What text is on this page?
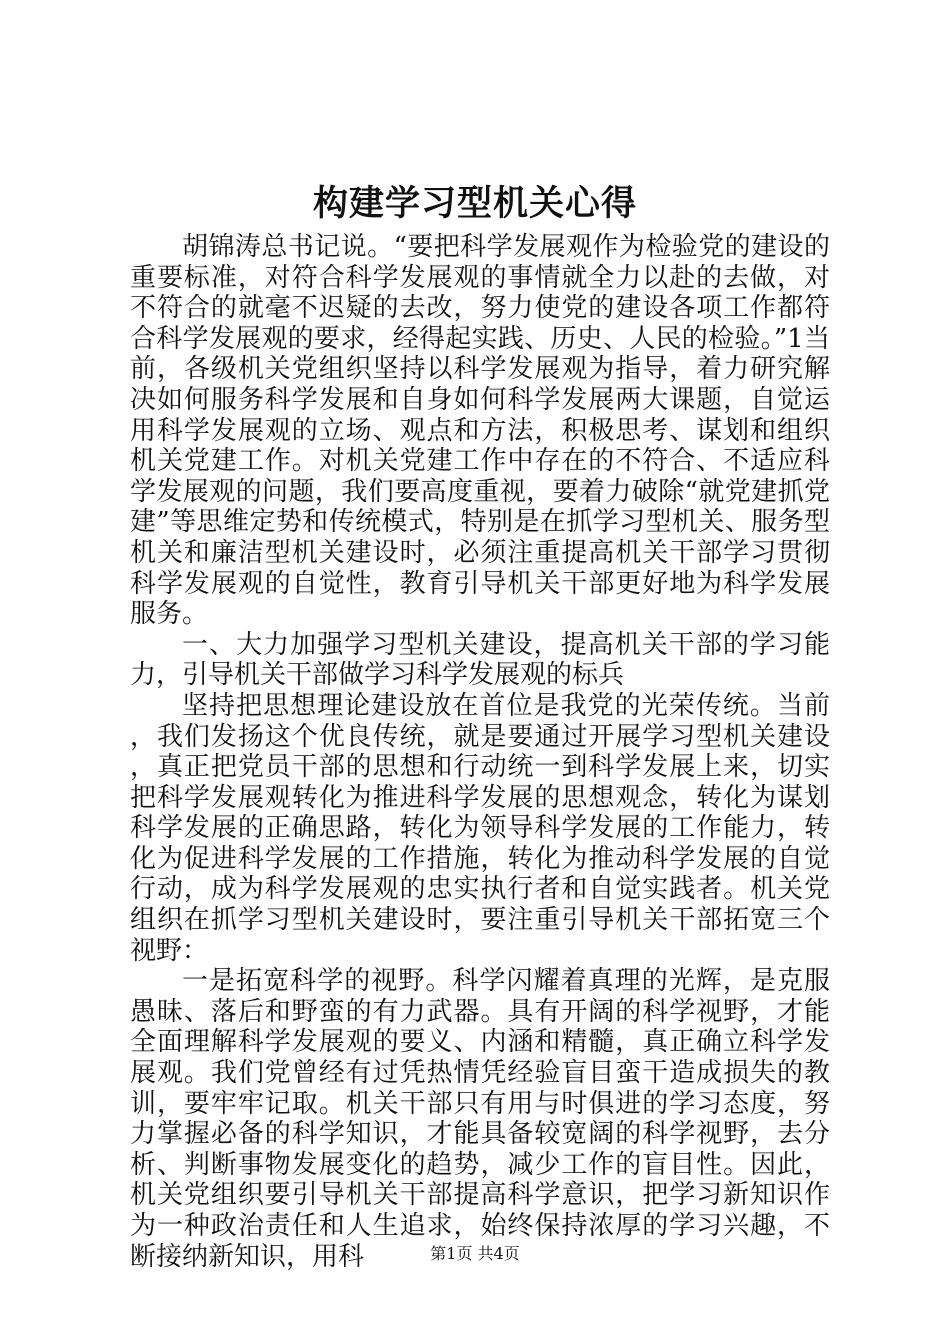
构建学习型机关心得

胡锦涛总书记说。“要把科学发展观作为检验党的建设的重要标准，对符合科学发展观的事情就全力以赴的去做，对不符合的就毫不迟疑的去改，努力使党的建设各项工作都符合科学发展观的要求，经得起实践、历史、人民的检验。”1当前，各级机关党组织坚持以科学发展观为指导，着力研究解决如何服务科学发展和自身如何科学发展两大课题，自觉运用科学发展观的立场、观点和方法，积极思考、谋划和组织机关党建工作。对机关党建工作中存在的不符合、不适应科学发展观的问题，我们要高度重视，要着力破除“就党建抓党建”等思维定势和传统模式，特别是在抓学习型机关、服务型机关和廉洁型机关建设时，必须注重提高机关干部学习贯彻科学发展观的自觉性，教育引导机关干部更好地为科学发展服务。

一、大力加强学习型机关建设，提高机关干部的学习能力，引导机关干部做学习科学发展观的标兵

坚持把思想理论建设放在首位是我党的光荣传统。当前，我们发扬这个优良传统，就是要通过开展学习型机关建设，真正把党员干部的思想和行动统一到科学发展上来，切实把科学发展观转化为推进科学发展的思想观念，转化为谋划科学发展的正确思路，转化为领导科学发展的工作能力，转化为促进科学发展的工作措施，转化为推动科学发展的自觉行动，成为科学发展观的忠实执行者和自觉实践者。机关党组织在抓学习型机关建设时，要注重引导机关干部拓宽三个视野：

一是拓宽科学的视野。科学闪耀着真理的光辉，是克服愚昧、落后和野蛮的有力武器。具有开阔的科学视野，才能全面理解科学发展观的要义、内涵和精髓，真正确立科学发展观。我们党曾经有过凭热情凭经验盲目蛮干造成损失的教训，要牢牢记取。机关干部只有用与时俱进的学习态度，努力掌握必备的科学知识，才能具备较宽阔的科学视野，去分析、判断事物发展变化的趋势，减少工作的盲目性。因此，机关党组织要引导机关干部提高科学意识，把学习新知识作为一种政治责任和人生追求，始终保持浓厚的学习兴趣，不断接纳新知识，用科	第1页 共4页
